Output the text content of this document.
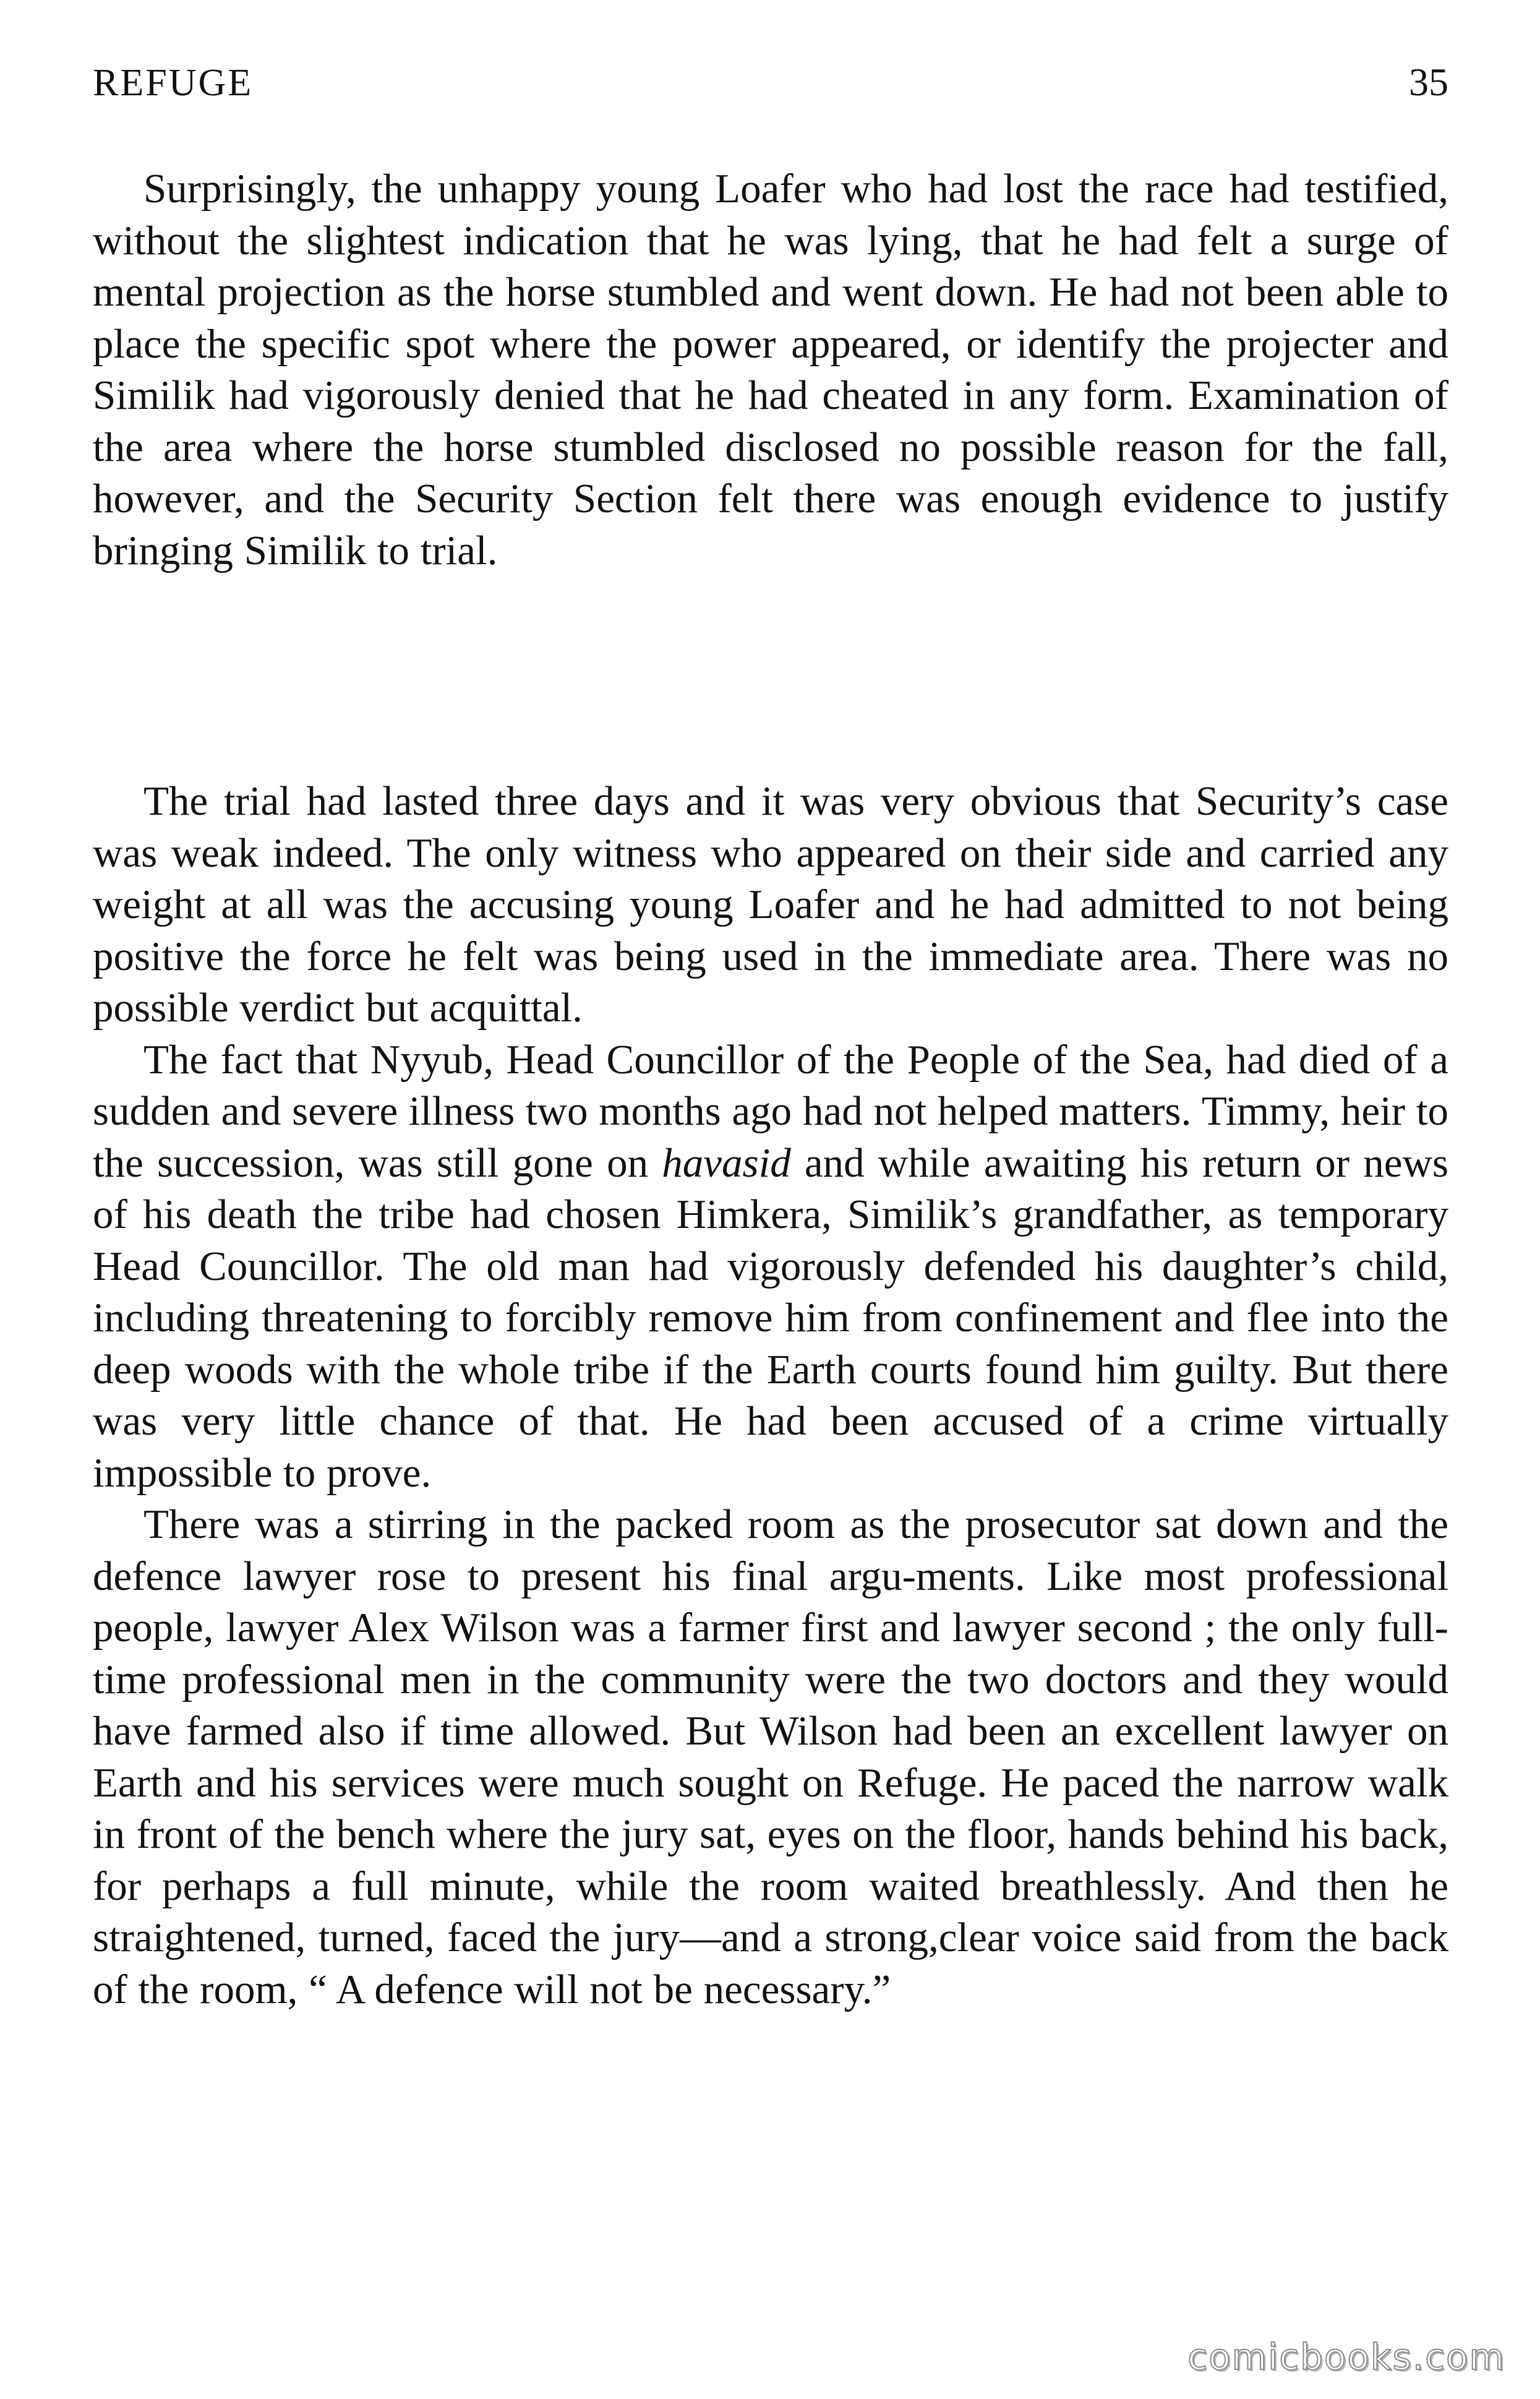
REFUGE	35

Surprisingly, the unhappy young Loafer who had lost the race had testified, without the slightest indication that he was lying, that he had felt a surge of mental projection as the horse stumbled and went down. He had not been able to place the specific spot where the power appeared, or identify the projecter and Similik had vigorously denied that he had cheated in any form. Examination of the area where the horse stumbled disclosed no possible reason for the fall, however, and the Security Section felt there was enough evidence to justify bringing Similik to trial.

The trial had lasted three days and it was very obvious that Security’s case was weak indeed. The only witness who appeared on their side and carried any weight at all was the accusing young Loafer and he had admitted to not being positive the force he felt was being used in the immediate area. There was no possible verdict but acquittal.

The fact that Nyyub, Head Councillor of the People of the Sea, had died of a sudden and severe illness two months ago had not helped matters. Timmy, heir to the succession, was still gone on havasid and while awaiting his return or news of his death the tribe had chosen Himkera, Similik’s grandfather, as temporary Head Councillor. The old man had vigorously defended his daughter’s child, including threatening to forcibly remove him from confinement and flee into the deep woods with the whole tribe if the Earth courts found him guilty. But there was very little chance of that. He had been accused of a crime virtually impossible to prove.

There was a stirring in the packed room as the prosecutor sat down and the defence lawyer rose to present his final argu-ments. Like most professional people, lawyer Alex Wilson was a farmer first and lawyer second ; the only full-time professional men in the community were the two doctors and they would have farmed also if time allowed. But Wilson had been an excellent lawyer on Earth and his services were much sought on Refuge. He paced the narrow walk in front of the bench where the jury sat, eyes on the floor, hands behind his back, for perhaps a full minute, while the room waited breathlessly. And then he straightened, turned, faced the jury—and a strong,clear voice said from the back of the room, “ A defence will not be necessary.”

comicbooks.com
